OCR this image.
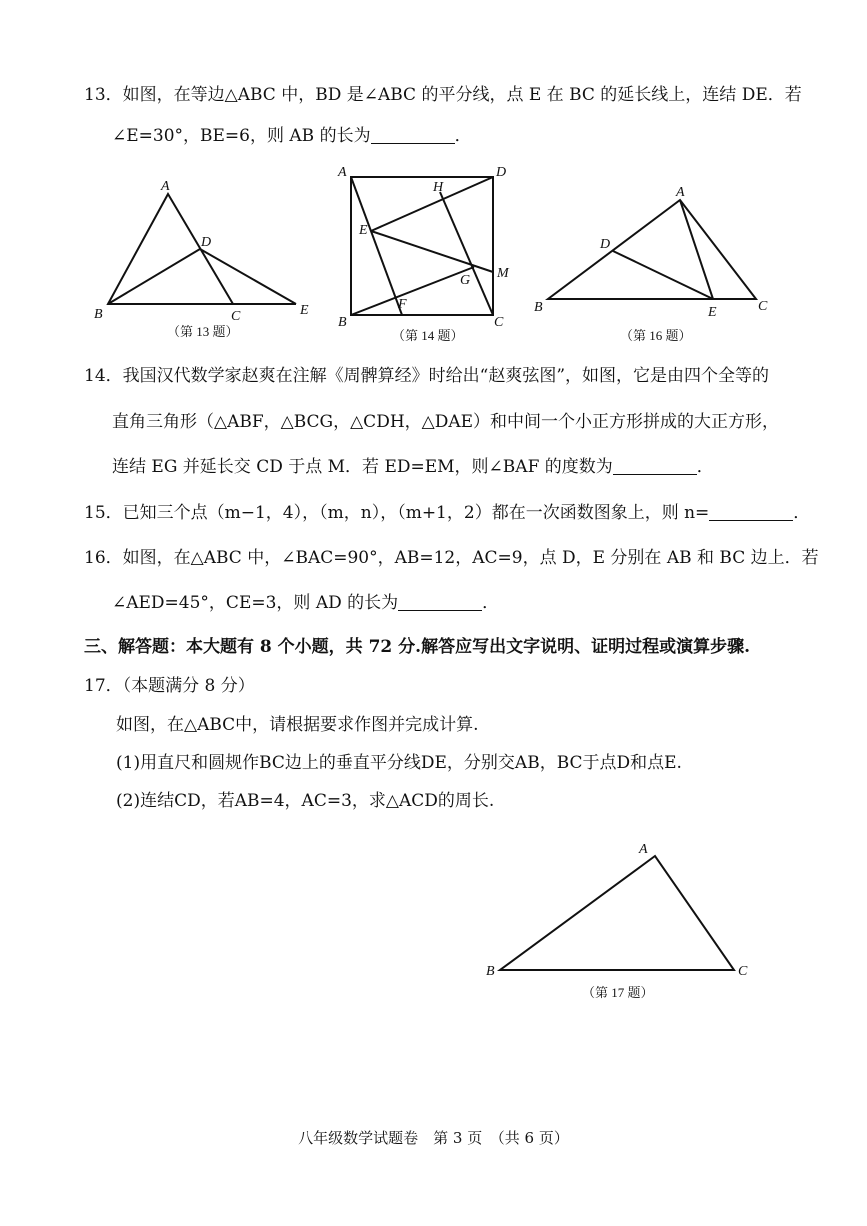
13．如图，在等边△ABC 中，BD 是∠ABC 的平分线，点 E 在 BC 的延长线上，连结 DE．若
∠E=30°，BE=6，则 AB 的长为	．
A
B	C
D
E
（第 13 题）
A
B	C
D
E
F
G
H
M
（第 14 题）
A
B	C
D
E
（第 16 题）
14．我国汉代数学家赵爽在注解《周髀算经》时给出“赵爽弦图”，如图，它是由四个全等的
直角三角形（△ABF，△BCG，△CDH，△DAE）和中间一个小正方形拼成的大正方形，
连结 EG 并延长交 CD 于点 M．若 ED=EM，则∠BAF 的度数为	．
15．已知三个点（m−1，4），（m，n），（m+1，2）都在一次函数图象上，则 n=	．
16．如图，在△ABC 中，∠BAC=90°，AB=12，AC=9，点 D，E 分别在 AB 和 BC 边上．若
∠AED=45°，CE=3，则 AD 的长为	．
三、解答题：本大题有 8 个小题，共 72 分.解答应写出文字说明、证明过程或演算步骤.
17．（本题满分 8 分）
如图，在△ABC中，请根据要求作图并完成计算.
(1)用直尺和圆规作BC边上的垂直平分线DE，分别交AB，BC于点D和点E.
(2)连结CD，若AB=4，AC=3，求△ACD的周长.
A
B	C
（第 17 题）
八年级数学试题卷　第 3 页　（共 6 页）
